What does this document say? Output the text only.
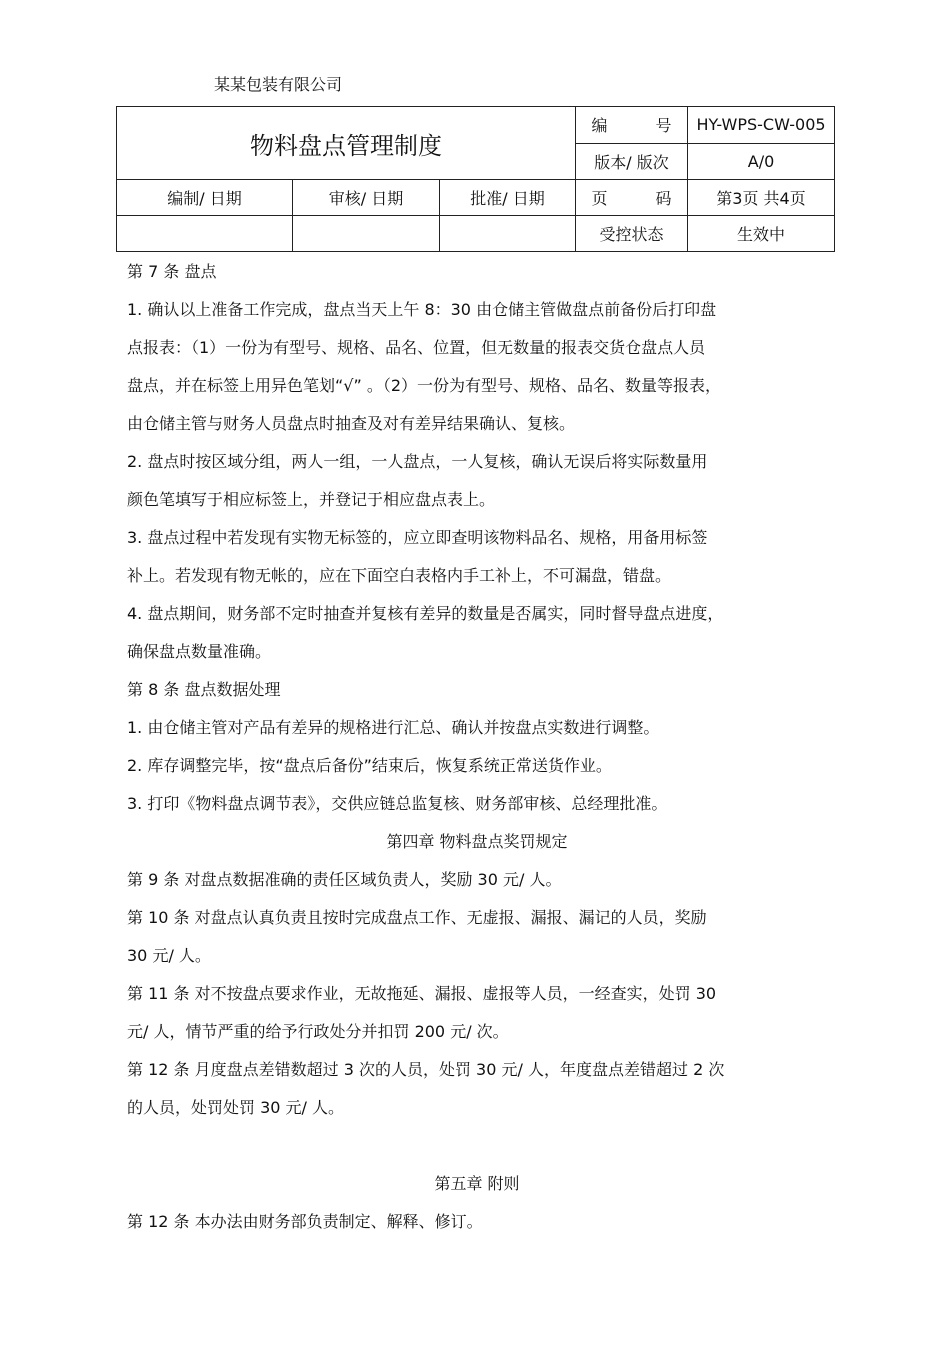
某某包装有限公司
物料盘点管理制度			编 号	HY-WPS-CW-005
			版本/ 版次	A/0
编制/ 日期	审核/ 日期	批准/ 日期	页 码	第3页 共4页
			受控状态	生效中

第 7 条 盘点

1. 确认以上准备工作完成，盘点当天上午 8：30 由仓储主管做盘点前备份后打印盘

点报表：（1）一份为有型号、规格、品名、位置，但无数量的报表交货仓盘点人员

盘点，并在标签上用异色笔划“√” 。（2）一份为有型号、规格、品名、数量等报表，

由仓储主管与财务人员盘点时抽查及对有差异结果确认、复核。

2. 盘点时按区域分组，两人一组，一人盘点，一人复核，确认无误后将实际数量用

颜色笔填写于相应标签上，并登记于相应盘点表上。

3. 盘点过程中若发现有实物无标签的，应立即查明该物料品名、规格，用备用标签

补上。若发现有物无帐的，应在下面空白表格内手工补上，不可漏盘，错盘。

4. 盘点期间，财务部不定时抽查并复核有差异的数量是否属实，同时督导盘点进度，

确保盘点数量准确。

第 8 条 盘点数据处理

1. 由仓储主管对产品有差异的规格进行汇总、确认并按盘点实数进行调整。

2. 库存调整完毕，按“盘点后备份”结束后，恢复系统正常送货作业。

3. 打印《物料盘点调节表》，交供应链总监复核、财务部审核、总经理批准。

第四章 物料盘点奖罚规定

第 9 条 对盘点数据准确的责任区域负责人，奖励 30 元/ 人。

第 10 条 对盘点认真负责且按时完成盘点工作、无虚报、漏报、漏记的人员，奖励

30 元/ 人。

第 11 条 对不按盘点要求作业，无故拖延、漏报、虚报等人员，一经查实，处罚 30

元/ 人，情节严重的给予行政处分并扣罚 200 元/ 次。

第 12 条 月度盘点差错数超过 3 次的人员，处罚 30 元/ 人，年度盘点差错超过 2 次

的人员，处罚处罚 30 元/ 人。

第五章 附则

第 12 条 本办法由财务部负责制定、解释、修订。
